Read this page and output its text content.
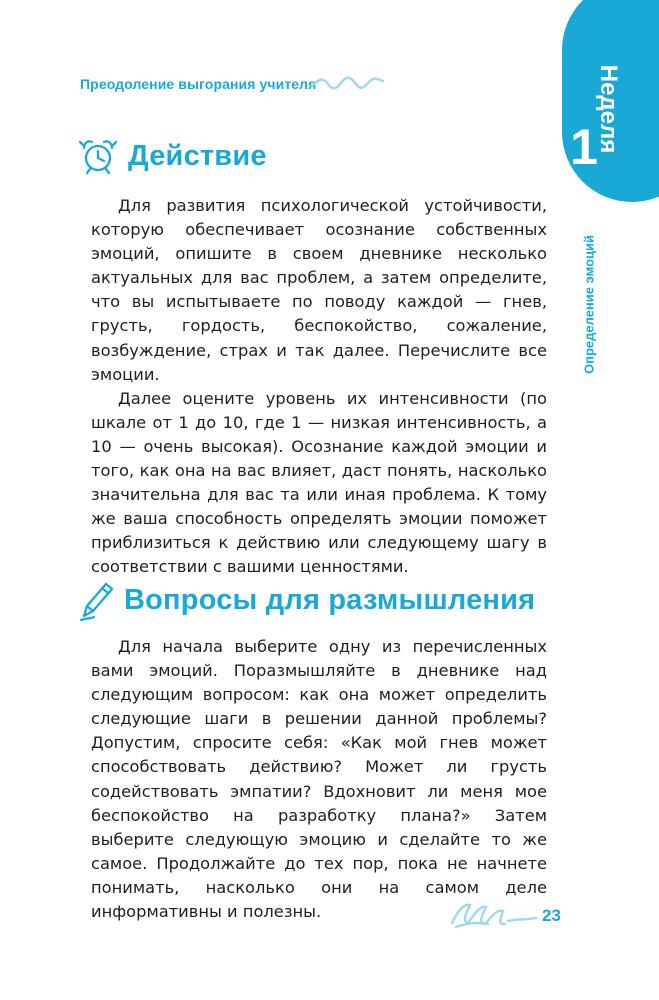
Преодоление выгорания учителя	Неделя
1
Определение эмоций
Действие

Для развития психологической устойчивости, которую обеспечивает осознание собственных эмоций, опишите в своем дневнике несколько актуальных для вас проблем, а затем определите, что вы испытываете по поводу каждой — гнев, грусть, гордость, беспокойство, сожаление, возбуждение, страх и так далее. Перечислите все эмоции.

Далее оцените уровень их интенсивности (по шкале от 1 до 10, где 1 — низкая интенсивность, а 10 — очень высокая). Осознание каждой эмоции и того, как она на вас влияет, даст понять, насколько значительна для вас та или иная проблема. К тому же ваша способность определять эмоции поможет приблизиться к действию или следующему шагу в соответствии с вашими ценностями.

Вопросы для размышления

Для начала выберите одну из перечисленных вами эмоций. Поразмышляйте в дневнике над следующим вопросом: как она может определить следующие шаги в решении данной проблемы? Допустим, спросите себя: «Как мой гнев может способствовать действию? Может ли грусть содействовать эмпатии? Вдохновит ли меня мое беспокойство на разработку плана?» Затем выберите следующую эмоцию и сделайте то же самое. Продолжайте до тех пор, пока не начнете понимать, насколько они на самом деле информативны и полезны.	23
